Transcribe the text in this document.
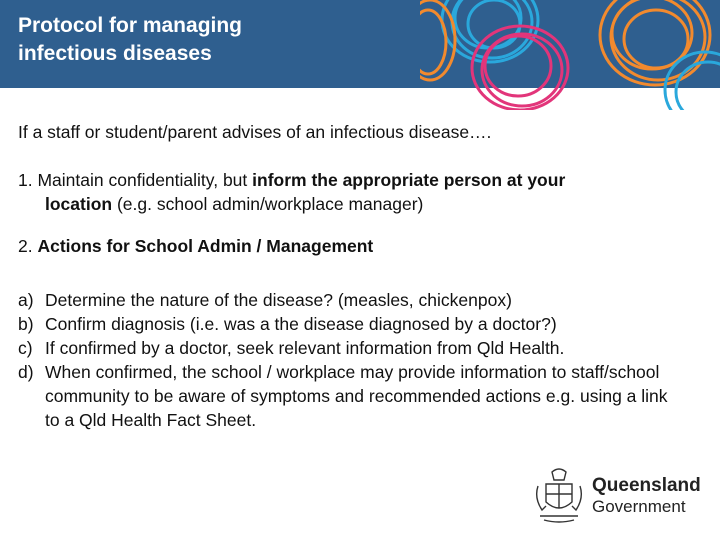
Protocol for managing
infectious diseases

If a staff or student/parent advises of an infectious disease….

1. Maintain confidentiality, but inform the appropriate person at your
location (e.g. school admin/workplace manager)
2. Actions for School Admin / Management
a) Determine the nature of the disease? (measles, chickenpox)
b) Confirm diagnosis (i.e. was a the disease diagnosed by a doctor?)
c) If confirmed by a doctor, seek relevant information from Qld Health.
d) When confirmed, the school / workplace may provide information to staff/school community to be aware of symptoms and recommended actions e.g. using a link to a Qld Health Fact Sheet.
Queensland
Government
